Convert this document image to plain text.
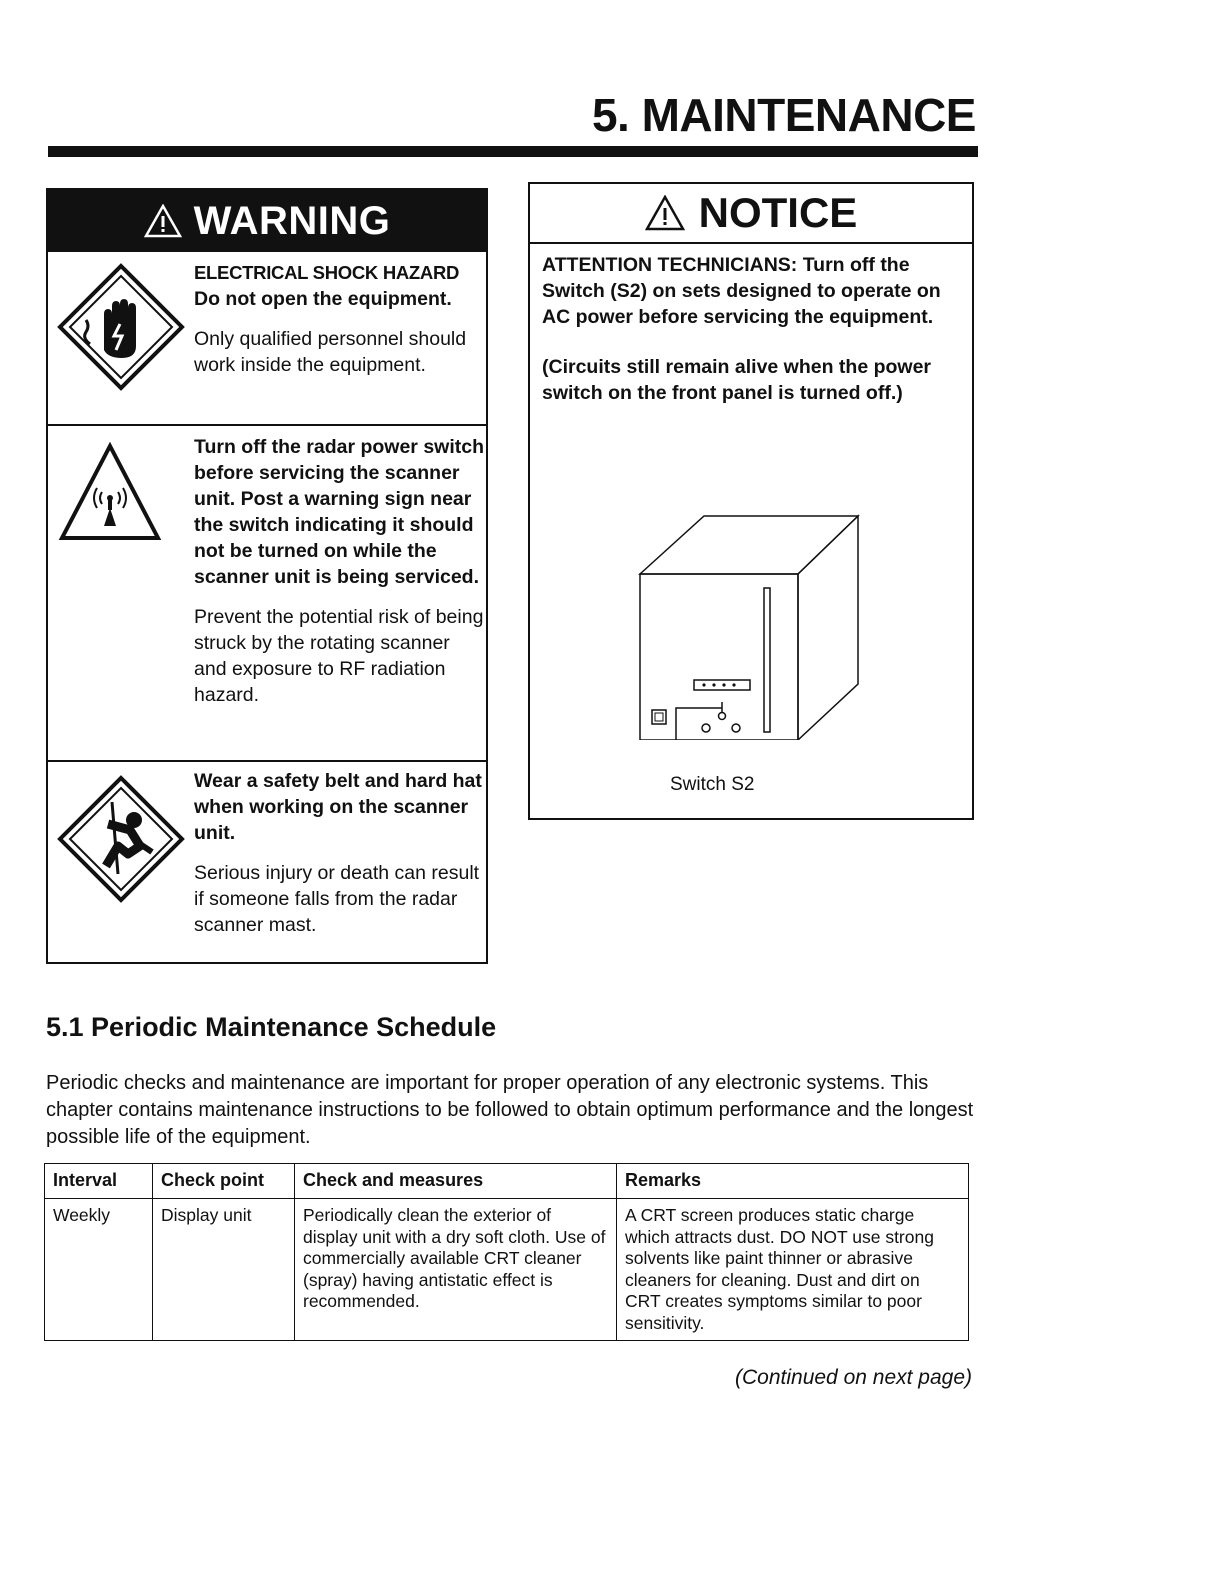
5. MAINTENANCE
WARNING
ELECTRICAL SHOCK HAZARD
Do not open the equipment.
Only qualified personnel should work inside the equipment.
Turn off the radar power switch before servicing the scanner unit. Post a warning sign near the switch indicating it should not be turned on while the scanner unit is being serviced.
Prevent the potential risk of being struck by the rotating scanner and exposure to RF radiation hazard.
Wear a safety belt and hard hat when working on the scanner unit.
Serious injury or death can result if someone falls from the radar scanner mast.
NOTICE
ATTENTION TECHNICIANS: Turn off the Switch (S2) on sets designed to operate on AC power before servicing the equipment.
(Circuits still remain alive when the power switch on the front panel is turned off.)
Switch S2
5.1 Periodic Maintenance Schedule
Periodic checks and maintenance are important for proper operation of any electronic systems. This chapter contains maintenance instructions to be followed to obtain optimum performance and the longest possible life of the equipment.
Interval	Check point	Check and measures	Remarks
Weekly	Display unit	Periodically clean the exterior of display unit with a dry soft cloth. Use of commercially available CRT cleaner (spray) having antistatic effect is recommended.	A CRT screen produces static charge which attracts dust. DO NOT use strong solvents like paint thinner or abrasive cleaners for cleaning. Dust and dirt on CRT creates symptoms similar to poor sensitivity.
(Continued on next page)
